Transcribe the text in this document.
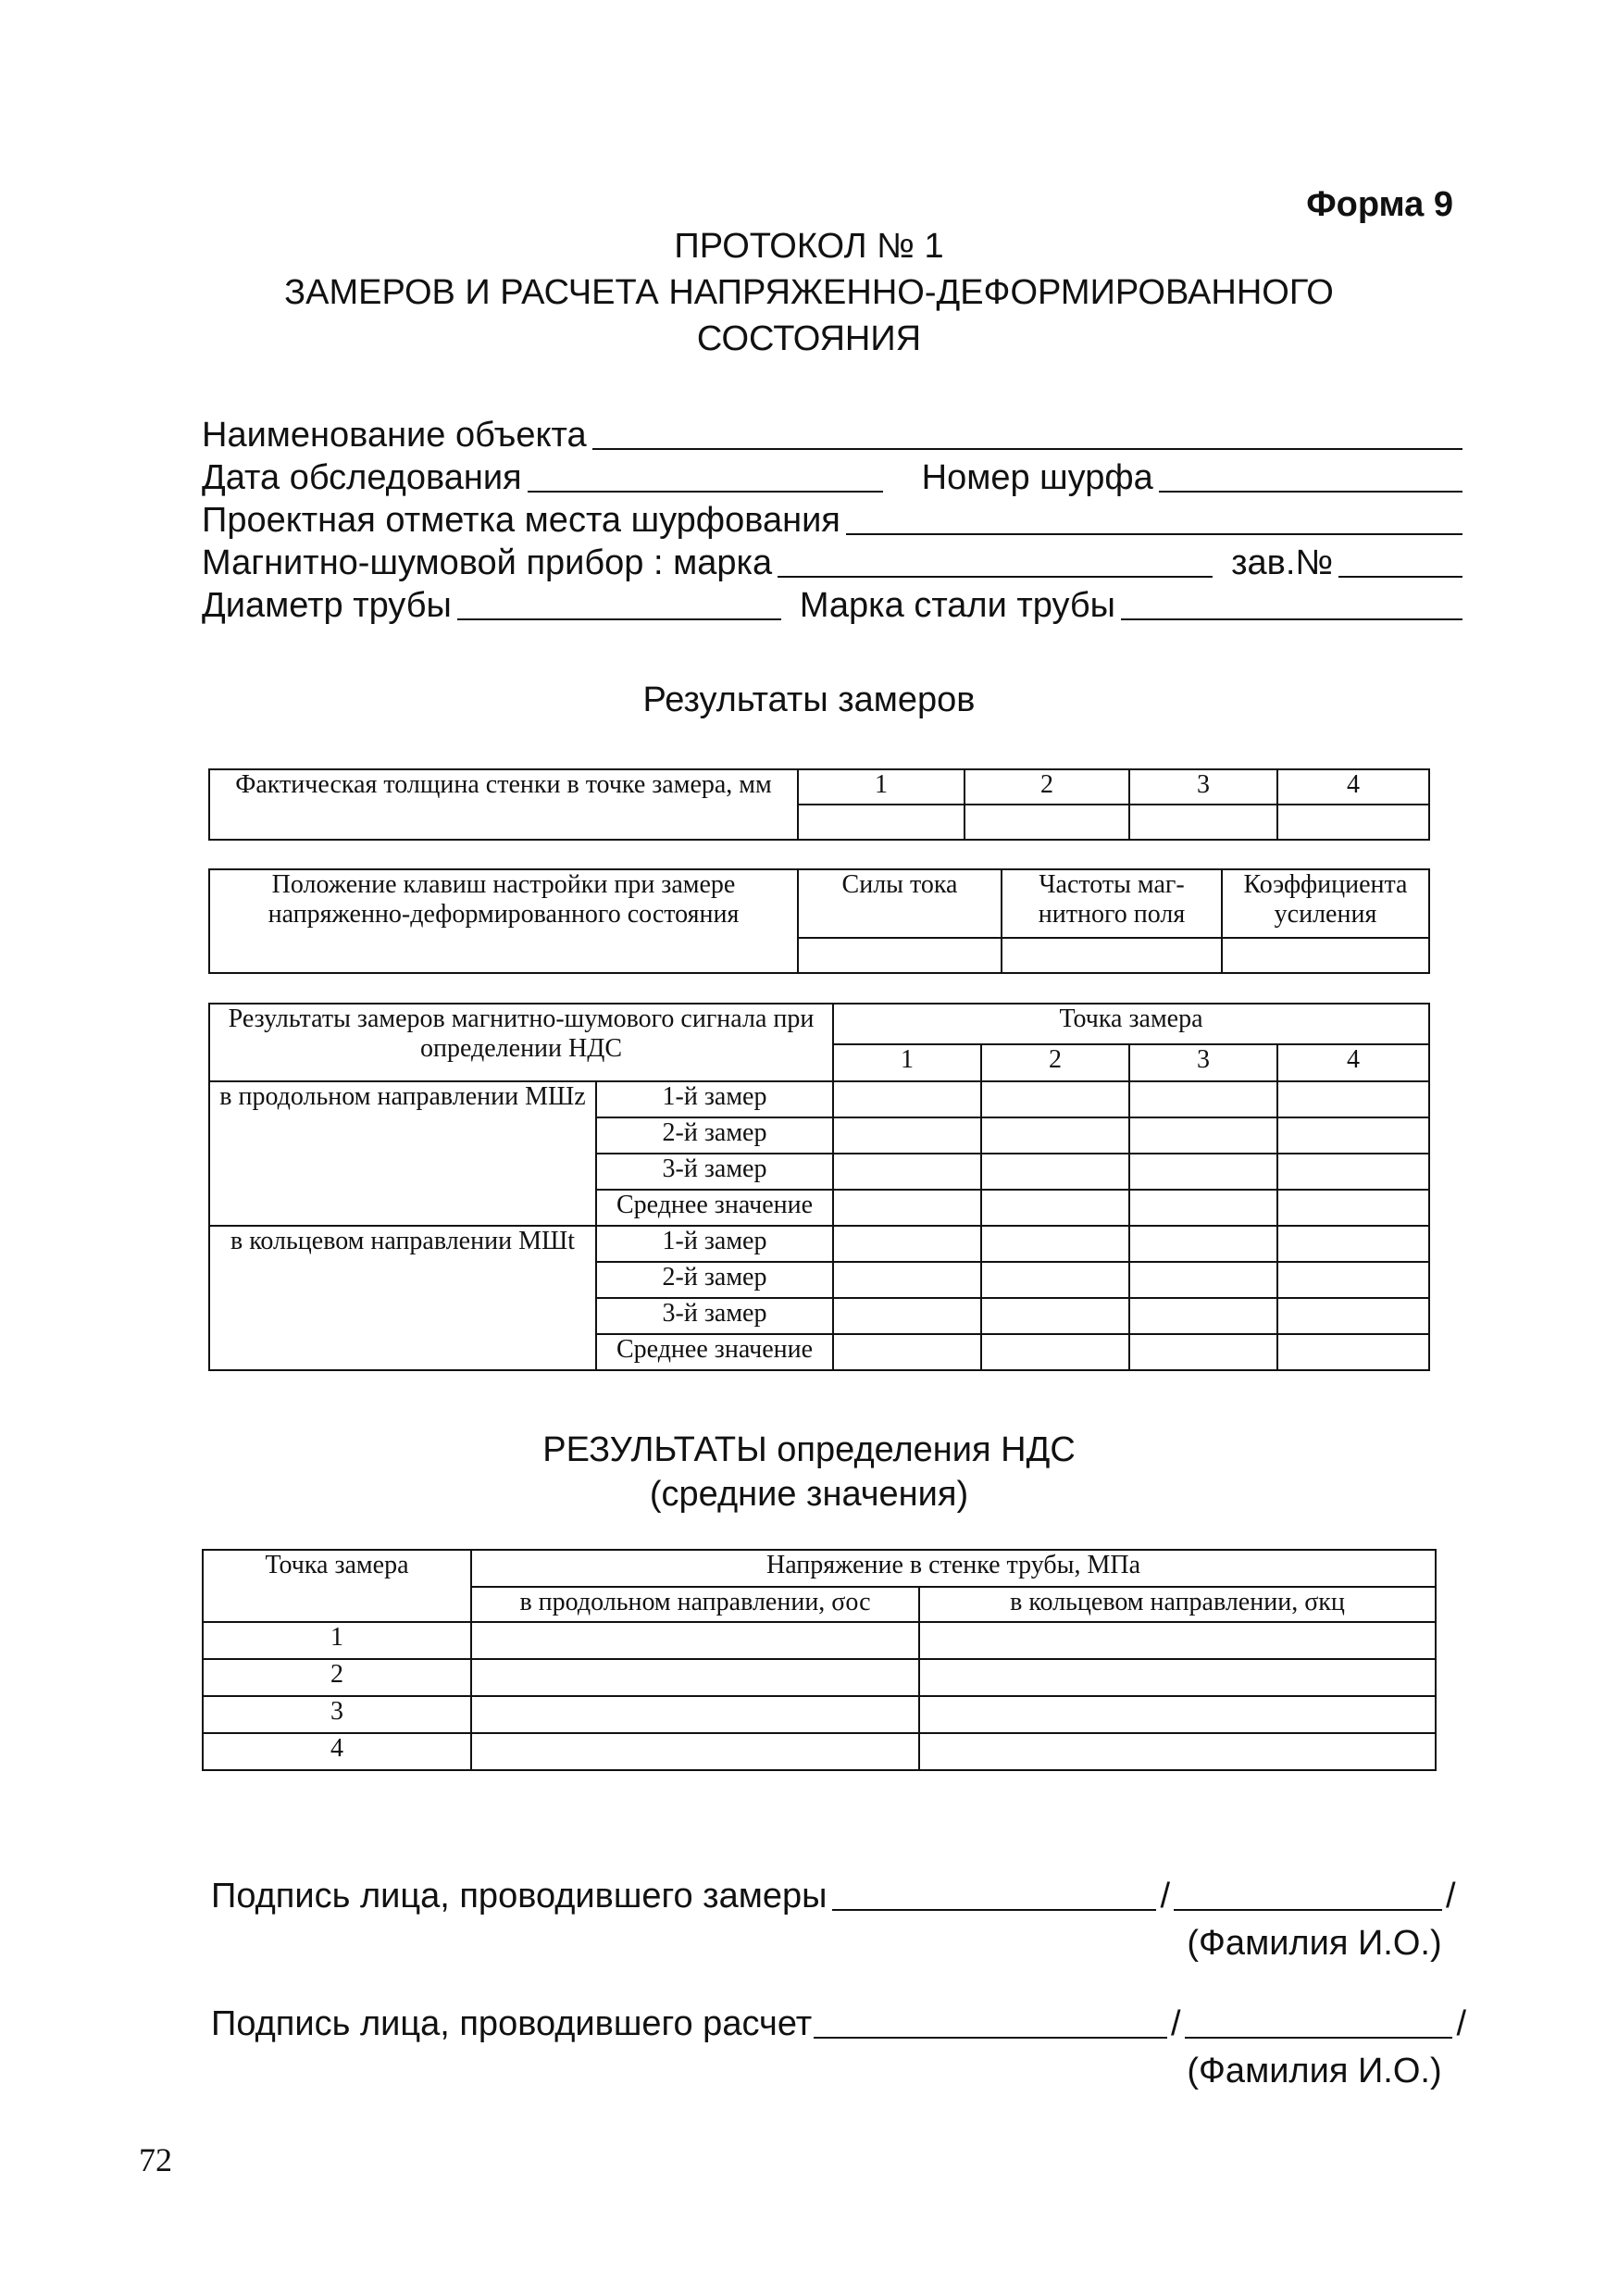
Форма 9
ПРОТОКОЛ № 1
ЗАМЕРОВ И РАСЧЕТА НАПРЯЖЕННО-ДЕФОРМИРОВАННОГО
СОСТОЯНИЯ
Наименование объекта
Дата обследования	Номер шурфа
Проектная отметка места шурфования
Магнитно-шумовой прибор : марка	зав.№
Диаметр трубы	Марка стали трубы
Результаты замеров
Фактическая толщина стенки в точке замера, мм	1	2	3	4

Положение клавиш настройки при замере напряженно-деформированного состояния	Силы тока	Частоты маг-нитного поля	Коэффициента усиления

Результаты замеров магнитно-шумового сигнала при определении НДС		Точка замера			
		1	2	3	4
в продольном направлении МШz	1-й замер				
	2-й замер				
	3-й замер				
	Среднее значение				
в кольцевом направлении МШt	1-й замер				
	2-й замер				
	3-й замер				
	Среднее значение				
РЕЗУЛЬТАТЫ определения НДС
(средние значения)
Точка замера	Напряжение в стенке трубы, МПа	
	в продольном направлении, σос	в кольцевом направлении, σкц
1		
2		
3		
4		
Подпись лица, проводившего замеры	/	/
(Фамилия И.О.)
Подпись лица, проводившего расчет	/	/
(Фамилия И.О.)
72
